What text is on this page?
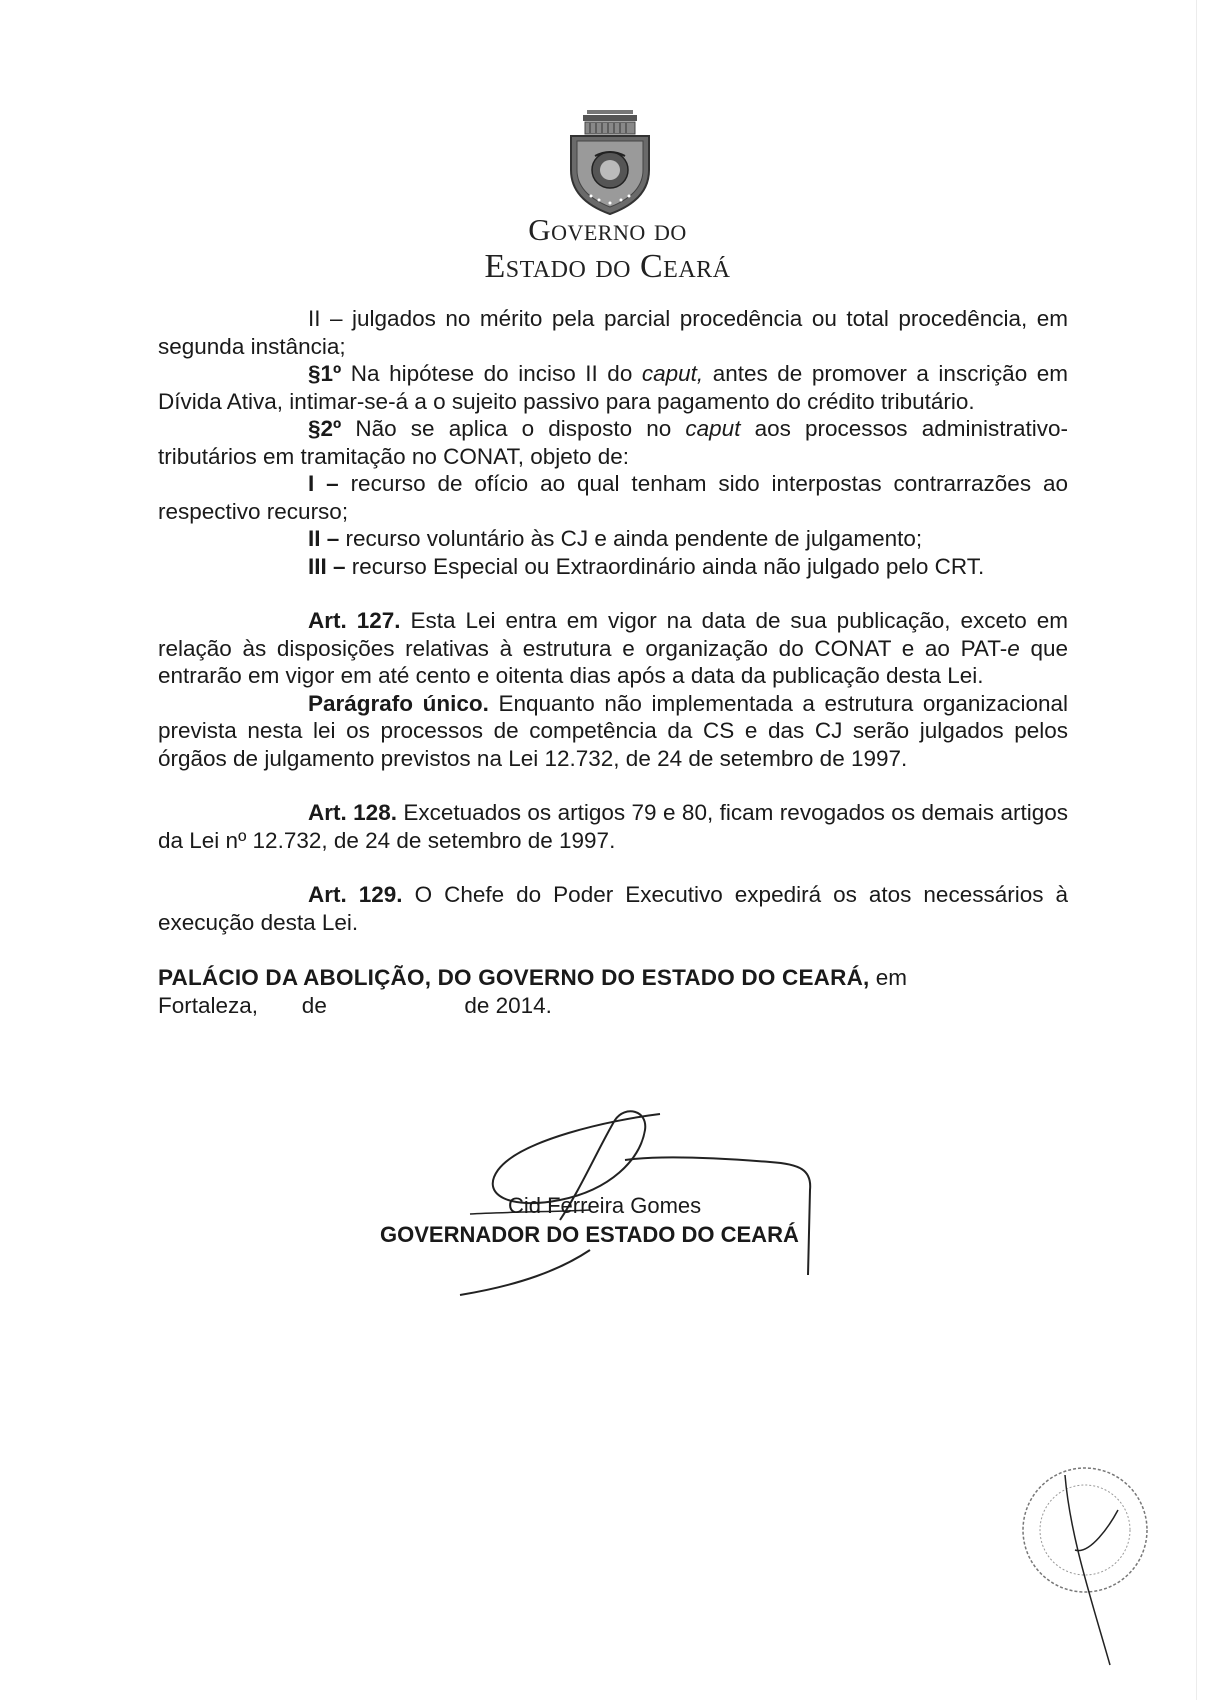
Governo do
Estado do Ceará

II – julgados no mérito pela parcial procedência ou total procedência, em segunda instância;

§1º Na hipótese do inciso II do caput, antes de promover a inscrição em Dívida Ativa, intimar-se-á a o sujeito passivo para pagamento do crédito tributário.

§2º Não se aplica o disposto no caput aos processos administrativo-tributários em tramitação no CONAT, objeto de:

I – recurso de ofício ao qual tenham sido interpostas contrarrazões ao respectivo recurso;

II – recurso voluntário às CJ e ainda pendente de julgamento;

III – recurso Especial ou Extraordinário ainda não julgado pelo CRT.

Art. 127. Esta Lei entra em vigor na data de sua publicação, exceto em relação às disposições relativas à estrutura e organização do CONAT e ao PAT-e que entrarão em vigor em até cento e oitenta dias após a data da publicação desta Lei.

Parágrafo único. Enquanto não implementada a estrutura organizacional prevista nesta lei os processos de competência da CS e das CJ serão julgados pelos órgãos de julgamento previstos na Lei 12.732, de 24 de setembro de 1997.

Art. 128. Excetuados os artigos 79 e 80, ficam revogados os demais artigos da Lei nº 12.732, de 24 de setembro de 1997.

Art. 129. O Chefe do Poder Executivo expedirá os atos necessários à execução desta Lei.

PALÁCIO DA ABOLIÇÃO, DO GOVERNO DO ESTADO DO CEARÁ, em

Fortaleza,       de                      de 2014.

Cid Ferreira Gomes
GOVERNADOR DO ESTADO DO CEARÁ
